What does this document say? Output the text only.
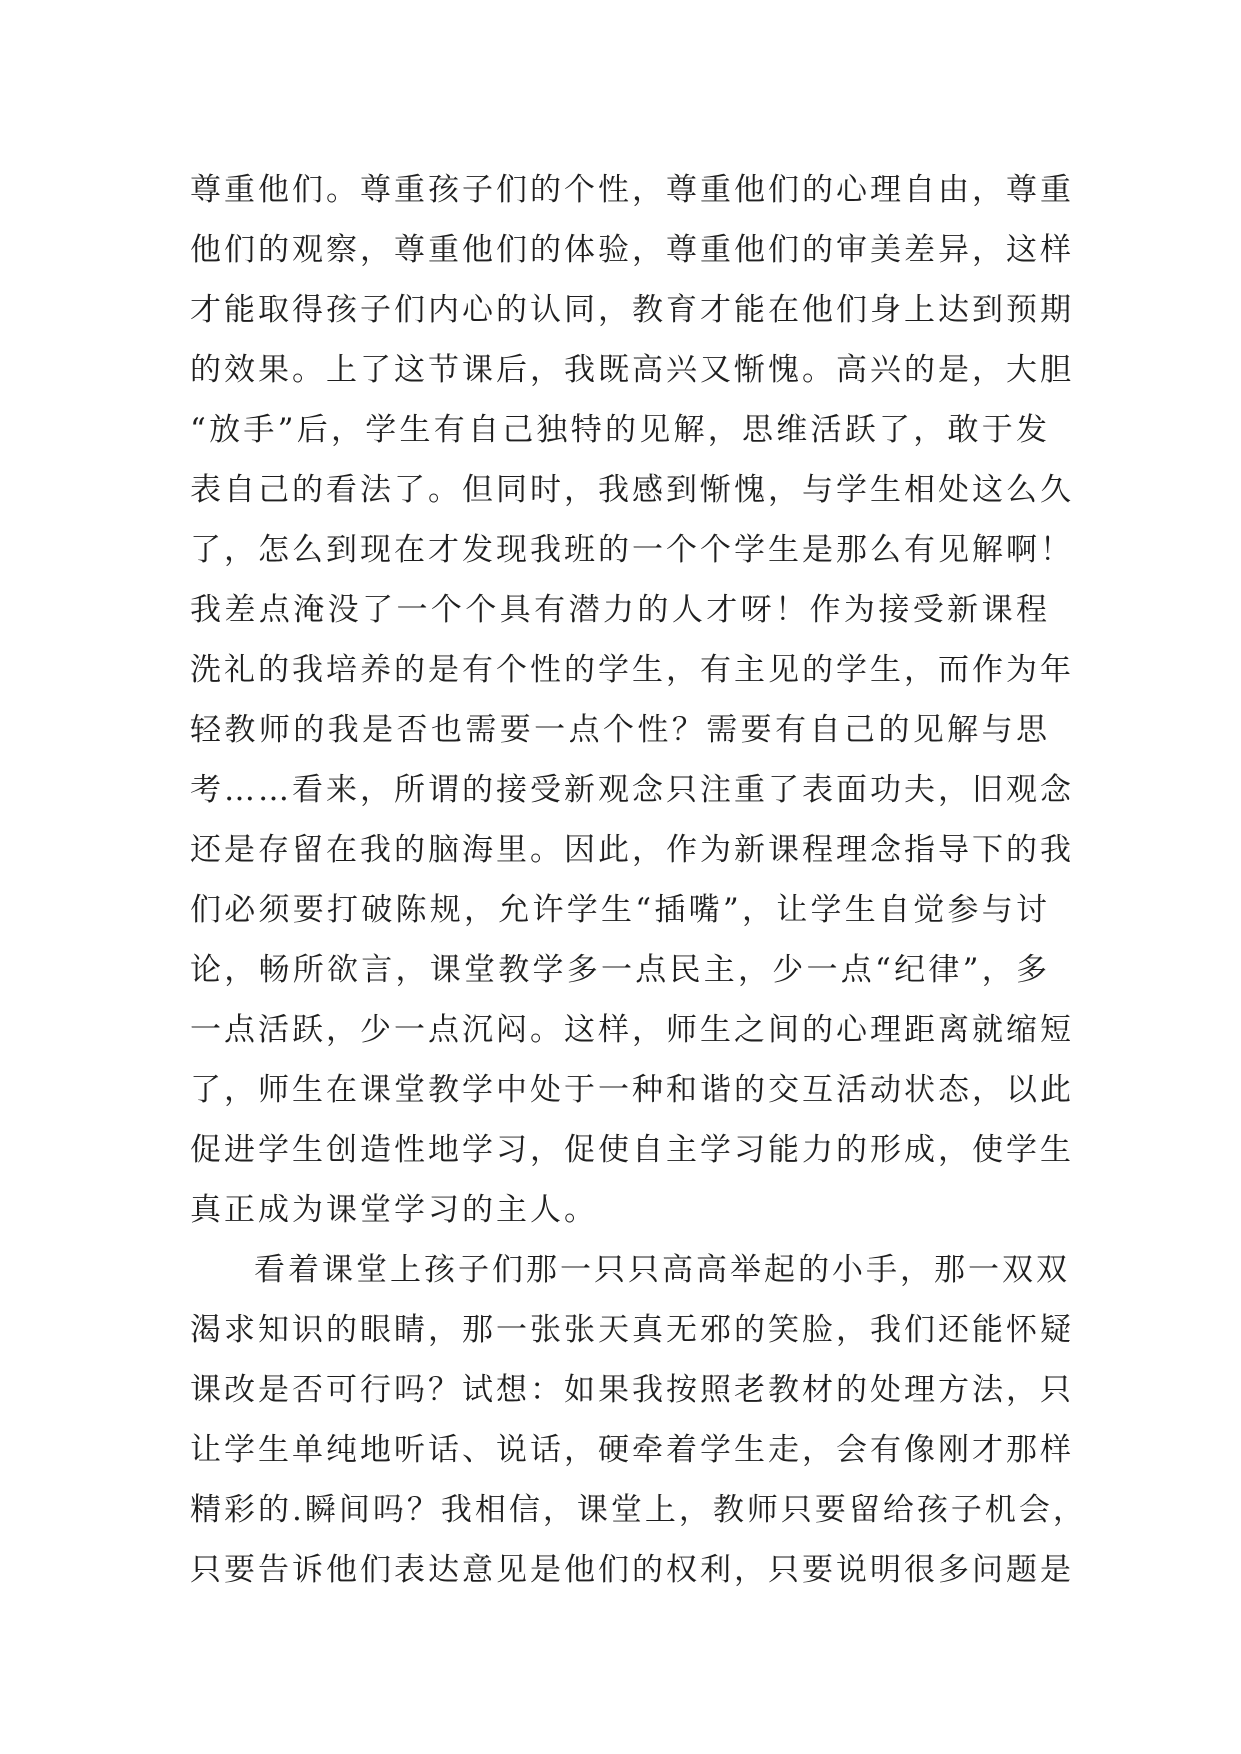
尊重他们。尊重孩子们的个性，尊重他们的心理自由，尊重
他们的观察，尊重他们的体验，尊重他们的审美差异，这样
才能取得孩子们内心的认同，教育才能在他们身上达到预期
的效果。上了这节课后，我既高兴又惭愧。高兴的是，大胆
“放手”后，学生有自己独特的见解，思维活跃了，敢于发
表自己的看法了。但同时，我感到惭愧，与学生相处这么久
了，怎么到现在才发现我班的一个个学生是那么有见解啊！
我差点淹没了一个个具有潜力的人才呀！作为接受新课程
洗礼的我培养的是有个性的学生，有主见的学生，而作为年
轻教师的我是否也需要一点个性？需要有自己的见解与思
考……看来，所谓的接受新观念只注重了表面功夫，旧观念
还是存留在我的脑海里。因此，作为新课程理念指导下的我
们必须要打破陈规，允许学生“插嘴”，让学生自觉参与讨
论，畅所欲言，课堂教学多一点民主，少一点“纪律”，多
一点活跃，少一点沉闷。这样，师生之间的心理距离就缩短
了，师生在课堂教学中处于一种和谐的交互活动状态，以此
促进学生创造性地学习，促使自主学习能力的形成，使学生
真正成为课堂学习的主人。
看着课堂上孩子们那一只只高高举起的小手，那一双双
渴求知识的眼睛，那一张张天真无邪的笑脸，我们还能怀疑
课改是否可行吗？试想：如果我按照老教材的处理方法，只
让学生单纯地听话、说话，硬牵着学生走，会有像刚才那样
精彩的.瞬间吗？我相信，课堂上，教师只要留给孩子机会，
只要告诉他们表达意见是他们的权利，只要说明很多问题是
